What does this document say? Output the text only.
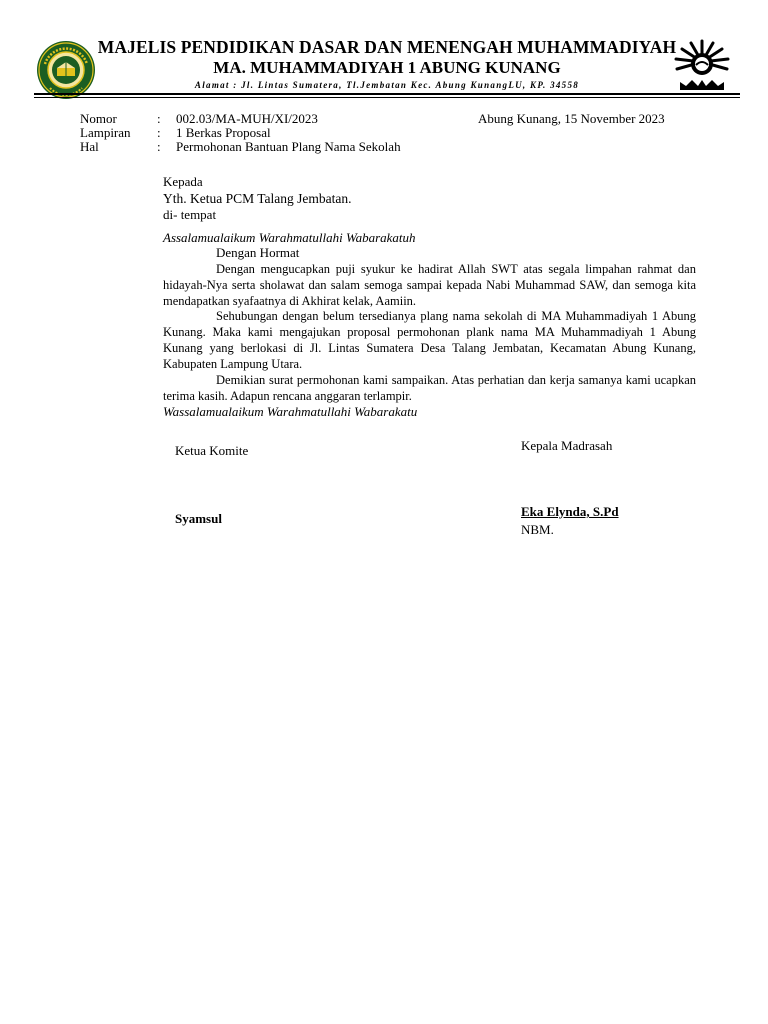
MAJELIS PENDIDIKAN DASAR DAN MENENGAH MUHAMMADIYAH
MA. MUHAMMADIYAH 1 ABUNG KUNANG
Alamat : Jl. Lintas Sumatera, Tl.Jembatan Kec. Abung KunangLU, KP. 34558
Nomor	: 002.03/MA-MUH/XI/2023	Abung Kunang, 15 November 2023
Lampiran : 1 Berkas Proposal
Hal	: Permohonan Bantuan Plang Nama Sekolah
Kepada
Yth. Ketua PCM Talang Jembatan.
di- tempat
Assalamualaikum Warahmatullahi Wabarakatuh
Dengan Hormat
Dengan mengucapkan puji syukur ke hadirat Allah SWT atas segala limpahan rahmat dan hidayah-Nya serta sholawat dan salam semoga sampai kepada Nabi Muhammad SAW, dan semoga kita mendapatkan syafaatnya di Akhirat kelak, Aamiin.
Sehubungan dengan belum tersedianya plang nama sekolah di MA Muhammadiyah 1 Abung Kunang. Maka kami mengajukan proposal permohonan plank nama MA Muhammadiyah 1 Abung Kunang yang berlokasi di Jl. Lintas Sumatera Desa Talang Jembatan, Kecamatan Abung Kunang, Kabupaten Lampung Utara.
Demikian surat permohonan kami sampaikan. Atas perhatian dan kerja samanya kami ucapkan terima kasih. Adapun rencana anggaran terlampir.
Wassalamualaikum Warahmatullahi Wabarakatu
Ketua Komite
Syamsul
Kepala Madrasah
Eka Elynda, S.Pd
NBM.
